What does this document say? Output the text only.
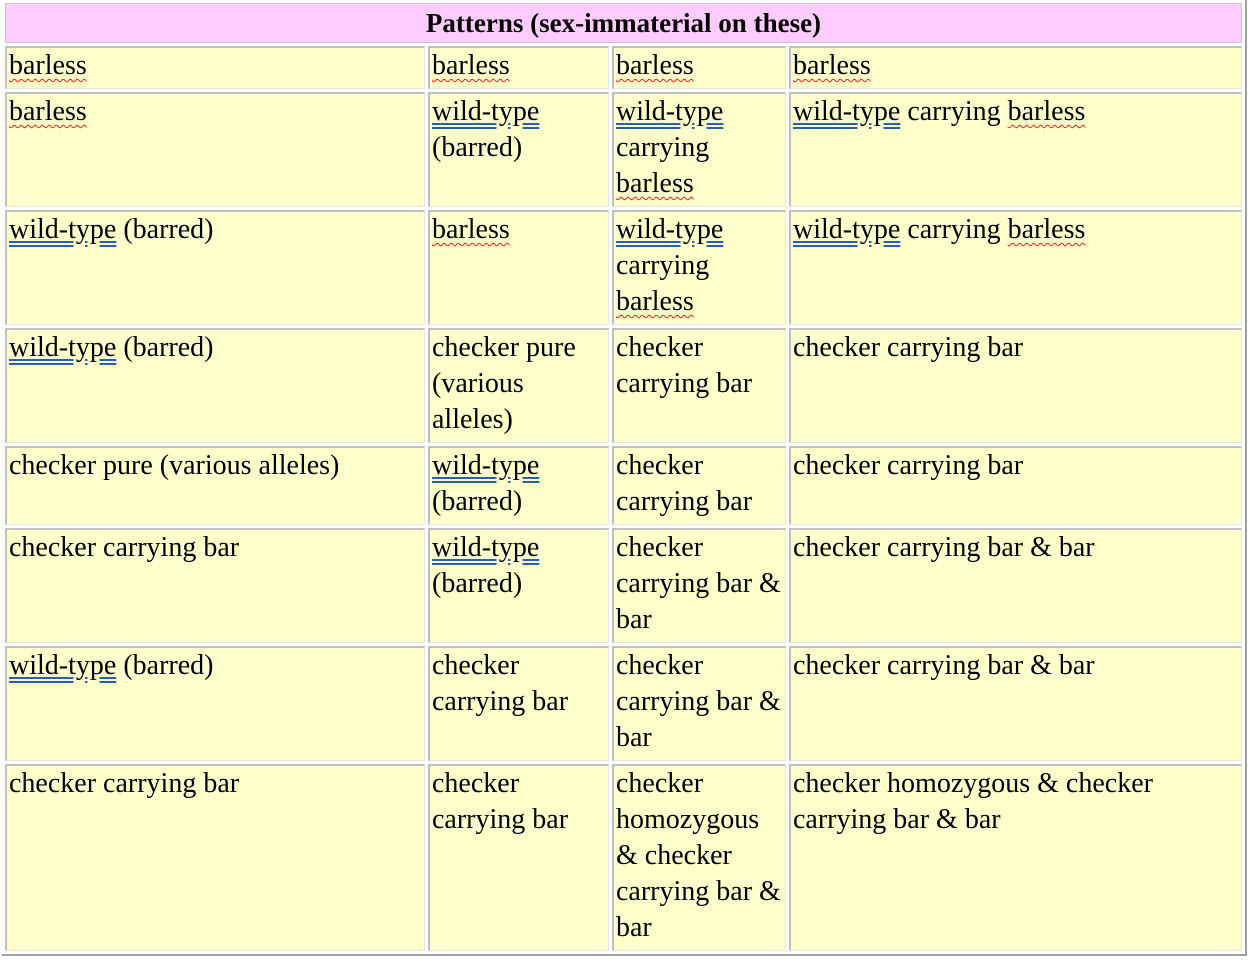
Patterns (sex-immaterial on these)			
barless	barless	barless	barless
barless	wild-type (barred)	wild-type carrying barless	wild-type carrying barless
wild-type (barred)	barless	wild-type carrying barless	wild-type carrying barless
wild-type (barred)	checker pure (various alleles)	checker carrying bar	checker carrying bar
checker pure (various alleles)	wild-type (barred)	checker carrying bar	checker carrying bar
checker carrying bar	wild-type (barred)	checker carrying bar & bar	checker carrying bar & bar
wild-type (barred)	checker carrying bar	checker carrying bar & bar	checker carrying bar & bar
checker carrying bar	checker carrying bar	checker homozygous & checker carrying bar & bar	checker homozygous & checker carrying bar & bar
